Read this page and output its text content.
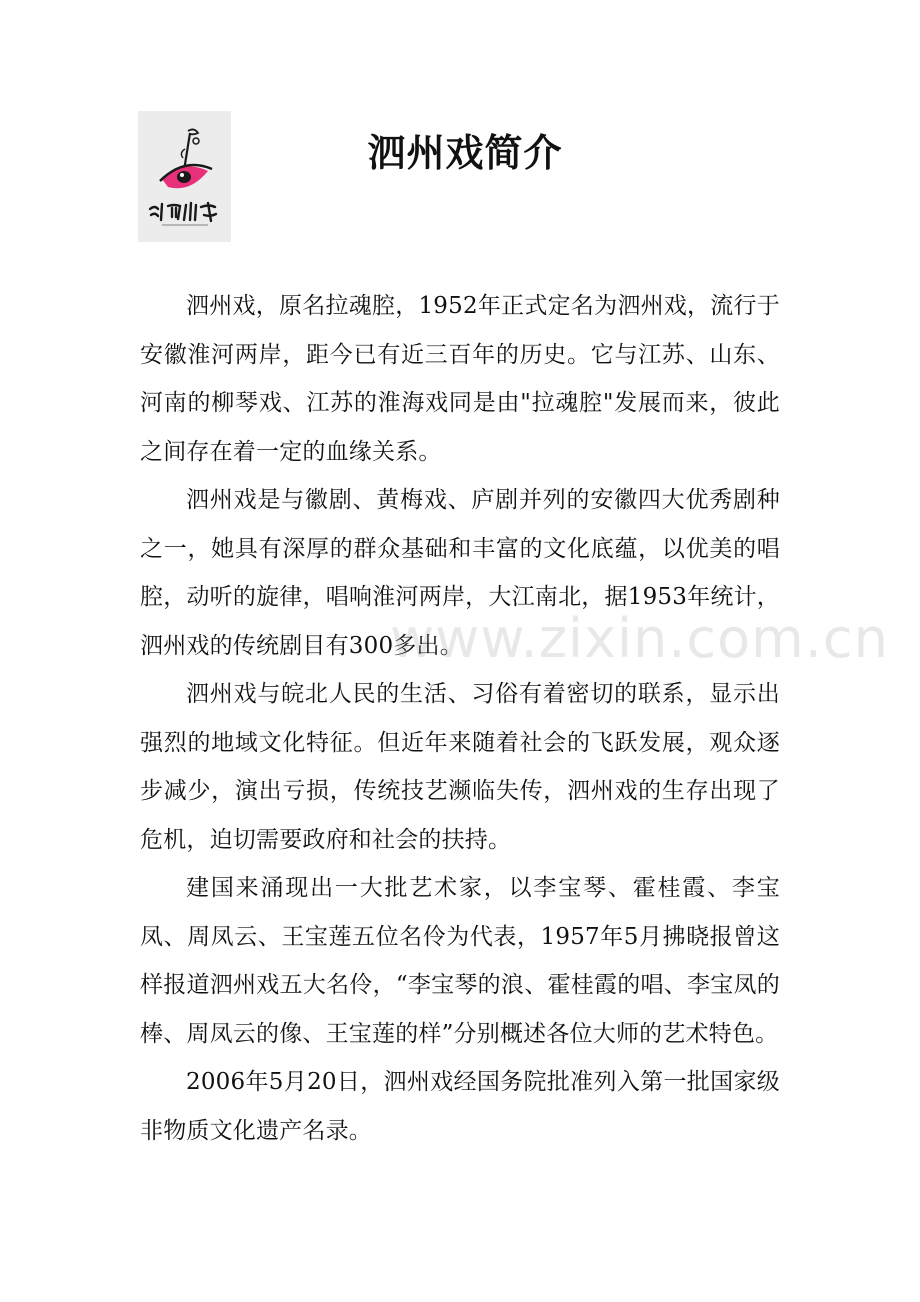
泗州戏简介

泗州戏，原名拉魂腔，1952年正式定名为泗州戏，流行于安徽淮河两岸，距今已有近三百年的历史。它与江苏、山东、河南的柳琴戏、江苏的淮海戏同是由"拉魂腔"发展而来，彼此之间存在着一定的血缘关系。

泗州戏是与徽剧、黄梅戏、庐剧并列的安徽四大优秀剧种之一，她具有深厚的群众基础和丰富的文化底蕴，以优美的唱腔，动听的旋律，唱响淮河两岸，大江南北，据1953年统计，泗州戏的传统剧目有300多出。

泗州戏与皖北人民的生活、习俗有着密切的联系，显示出强烈的地域文化特征。但近年来随着社会的飞跃发展，观众逐步减少，演出亏损，传统技艺濒临失传，泗州戏的生存出现了危机，迫切需要政府和社会的扶持。

建国来涌现出一大批艺术家，以李宝琴、霍桂霞、李宝凤、周凤云、王宝莲五位名伶为代表，1957年5月拂晓报曾这样报道泗州戏五大名伶，“李宝琴的浪、霍桂霞的唱、李宝凤的棒、周凤云的像、王宝莲的样”分别概述各位大师的艺术特色。

2006年5月20日，泗州戏经国务院批准列入第一批国家级非物质文化遗产名录。

www.zixin.com.cn
